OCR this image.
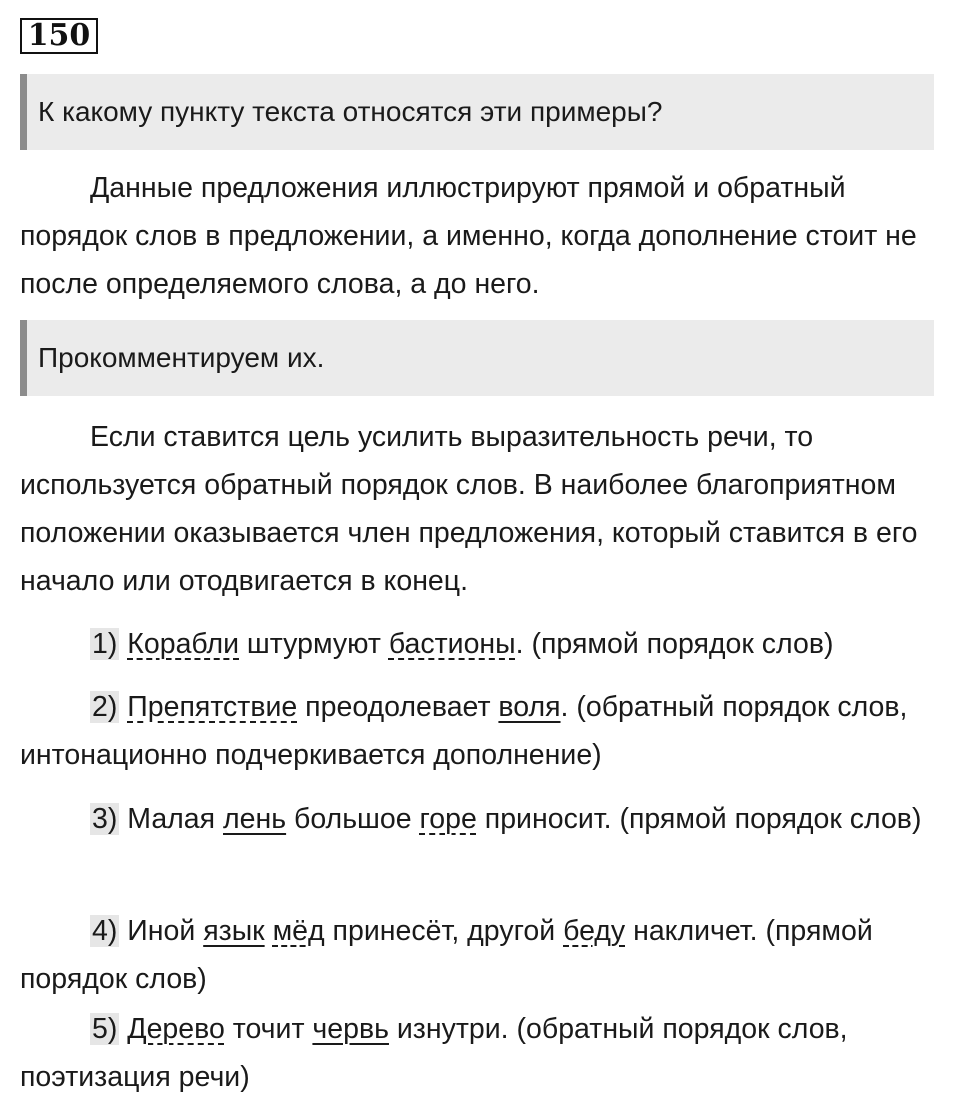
150
К какому пункту текста относятся эти примеры?

Данные предложения иллюстрируют прямой и обратный порядок слов в предложении, а именно, когда дополнение стоит не после определяемого слова, а до него.

Прокомментируем их.

Если ставится цель усилить выразительность речи, то используется обратный порядок слов. В наиболее благоприятном положении оказывается член предложения, который ставится в его начало или отодвигается в конец.

1) Корабли штурмуют бастионы. (прямой порядок слов)

2) Препятствие преодолевает воля. (обратный порядок слов, интонационно подчеркивается дополнение)

3) Малая лень большое горе приносит. (прямой порядок слов)

4) Иной язык мёд принесёт, другой беду накличет. (прямой порядок слов)

5) Дерево точит червь изнутри. (обратный порядок слов, поэтизация речи)
